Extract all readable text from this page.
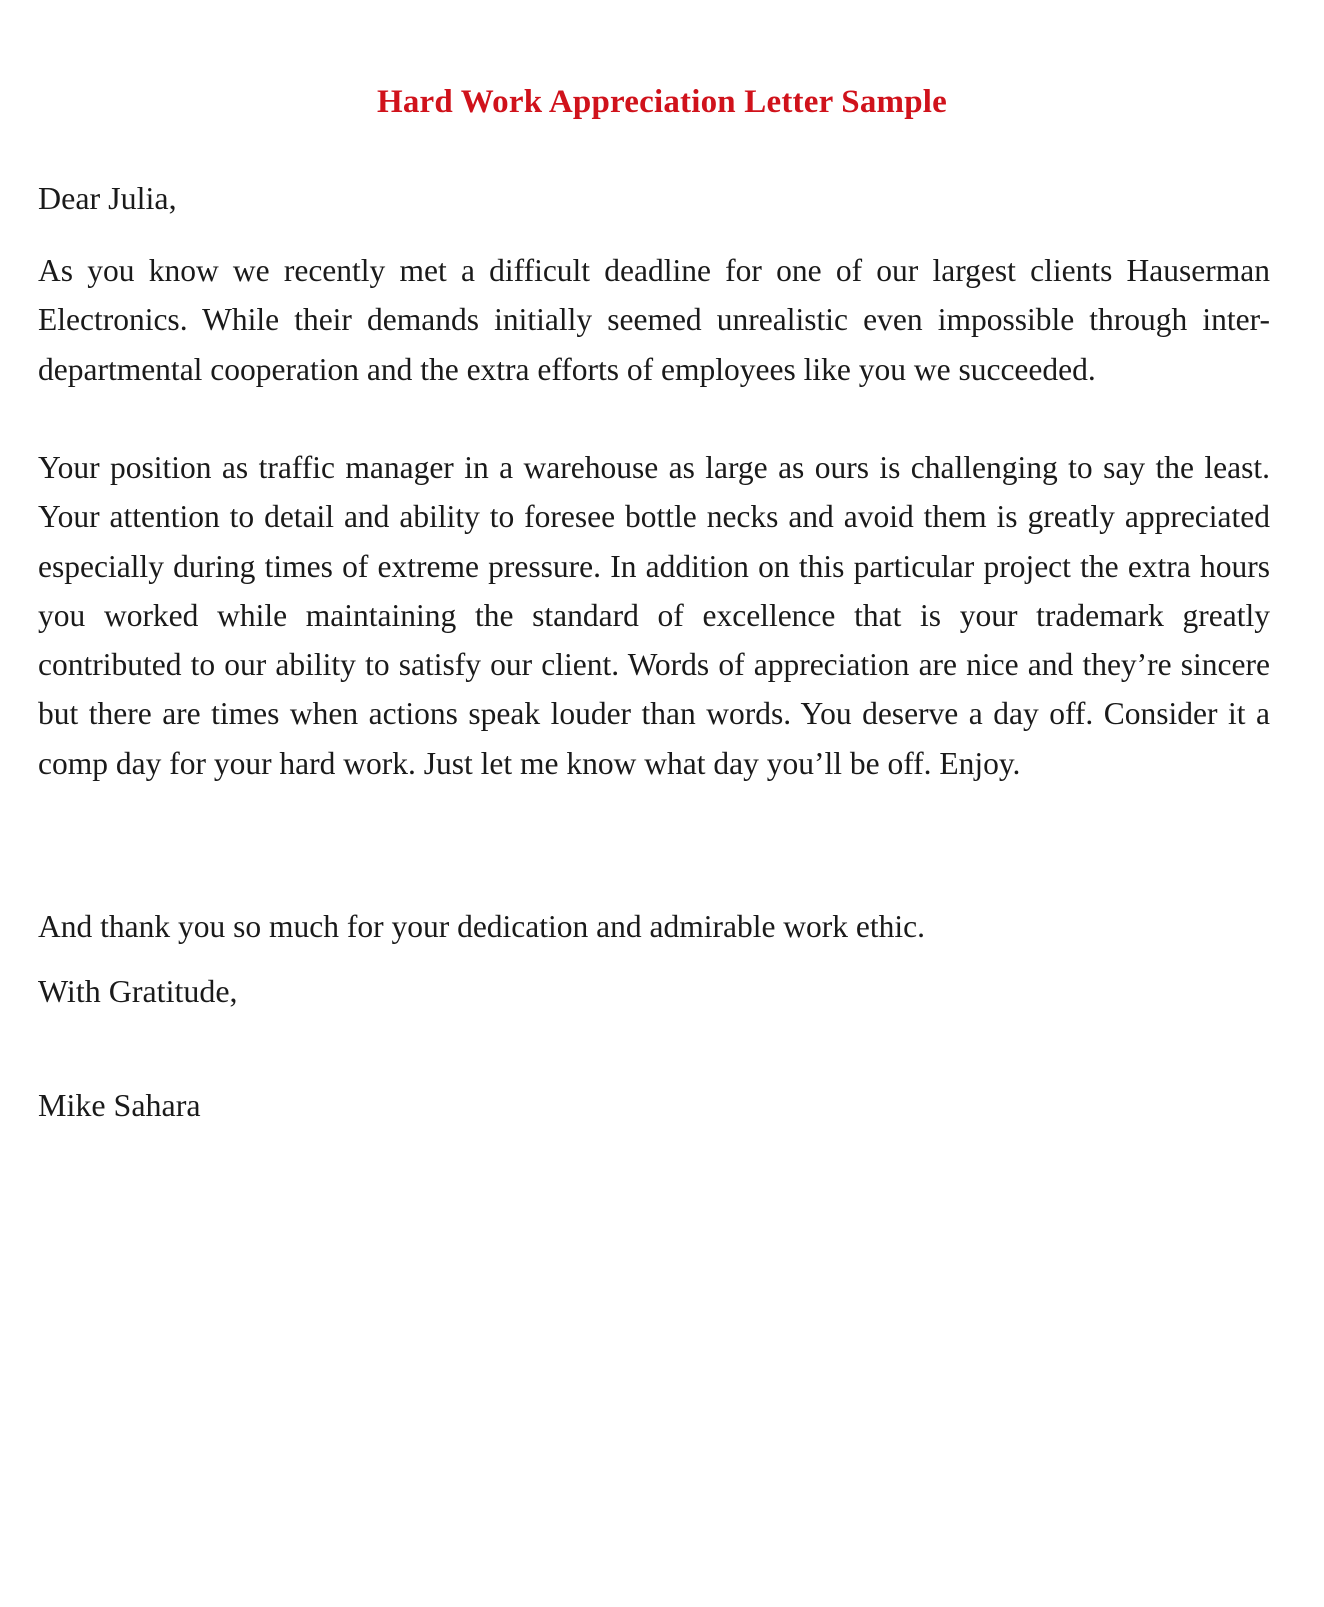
Hard Work Appreciation Letter Sample

Dear Julia,

As you know we recently met a difficult deadline for one of our largest clients Hauserman Electronics. While their demands initially seemed unrealistic even impossible through inter-departmental cooperation and the extra efforts of employees like you we succeeded.

Your position as traffic manager in a warehouse as large as ours is challenging to say the least. Your attention to detail and ability to foresee bottle necks and avoid them is greatly appreciated especially during times of extreme pressure. In addition on this particular project the extra hours you worked while maintaining the standard of excellence that is your trademark greatly contributed to our ability to satisfy our client. Words of appreciation are nice and they’re sincere but there are times when actions speak louder than words. You deserve a day off. Consider it a comp day for your hard work. Just let me know what day you’ll be off. Enjoy.

And thank you so much for your dedication and admirable work ethic.

With Gratitude,

Mike Sahara
